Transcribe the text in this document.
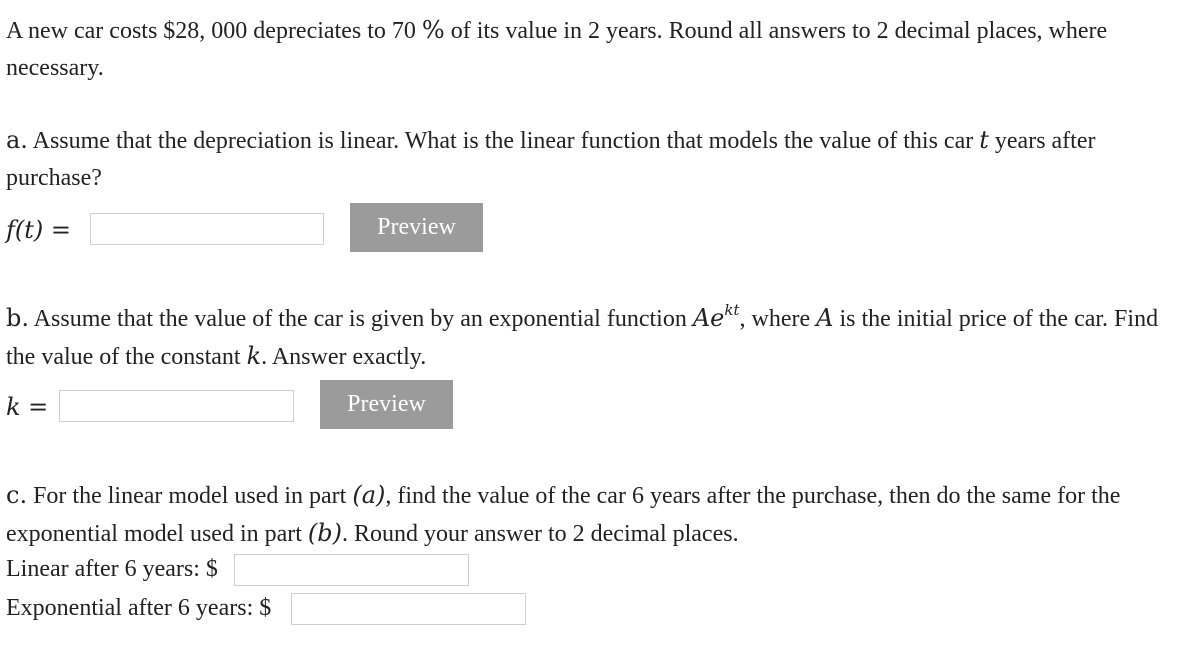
A new car costs $28, 000 depreciates to 70 % of its value in 2 years. Round all answers to 2 decimal places, where necessary.

a. Assume that the depreciation is linear. What is the linear function that models the value of this car t years after purchase?

f(t) =	Preview

b. Assume that the value of the car is given by an exponential function $Ae^{kt}$, where A is the initial price of the car. Find the value of the constant k. Answer exactly.

k =	Preview

c. For the linear model used in part (a), find the value of the car 6 years after the purchase, then do the same for the exponential model used in part (b). Round your answer to 2 decimal places.

Linear after 6 years: $
Exponential after 6 years: $
